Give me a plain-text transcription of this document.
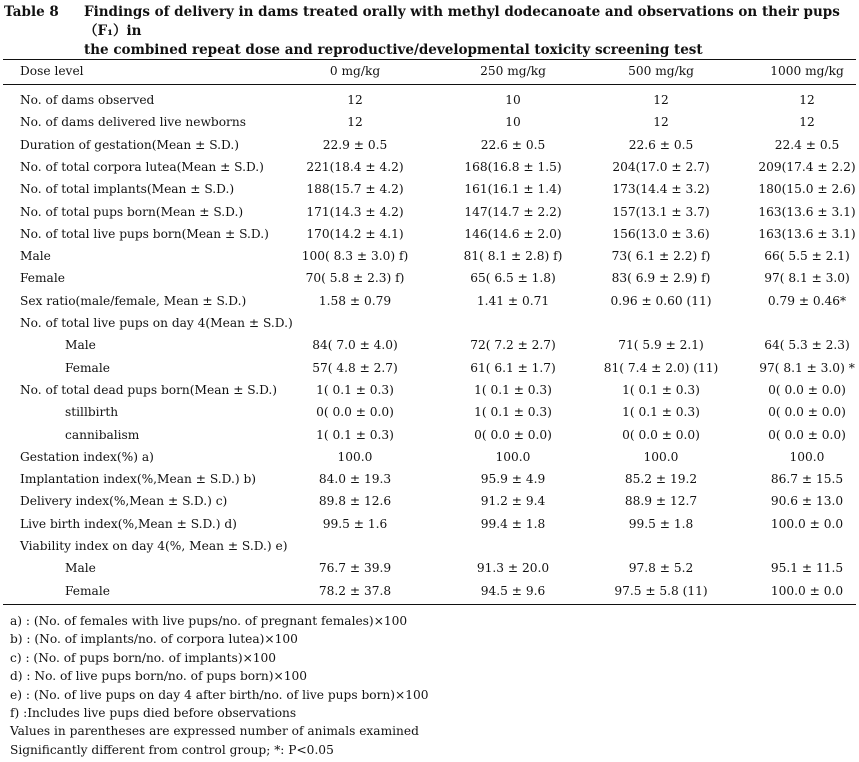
Table 8 Findings of delivery in dams treated orally with methyl dodecanoate and observations on their pups（F₁）in
the combined repeat dose and reproductive/developmental toxicity screening test
Dose level	0 mg/kg	250 mg/kg	500 mg/kg	1000 mg/kg
No. of dams observed	12	10	12	12
No. of dams delivered live newborns	12	10	12	12
Duration of gestation(Mean ± S.D.)	22.9 ± 0.5	22.6 ± 0.5	22.6 ± 0.5	22.4 ± 0.5
No. of total corpora lutea(Mean ± S.D.)	221(18.4 ± 4.2)	168(16.8 ± 1.5)	204(17.0 ± 2.7)	209(17.4 ± 2.2)
No. of total implants(Mean ± S.D.)	188(15.7 ± 4.2)	161(16.1 ± 1.4)	173(14.4 ± 3.2)	180(15.0 ± 2.6)
No. of total pups born(Mean ± S.D.)	171(14.3 ± 4.2)	147(14.7 ± 2.2)	157(13.1 ± 3.7)	163(13.6 ± 3.1)
No. of total live pups born(Mean ± S.D.)	170(14.2 ± 4.1)	146(14.6 ± 2.0)	156(13.0 ± 3.6)	163(13.6 ± 3.1)
Male	100( 8.3 ± 3.0) f)	81( 8.1 ± 2.8) f)	73( 6.1 ± 2.2) f)	66( 5.5 ± 2.1)
Female	70( 5.8 ± 2.3) f)	65( 6.5 ± 1.8)	83( 6.9 ± 2.9) f)	97( 8.1 ± 3.0)
Sex ratio(male/female, Mean ± S.D.)	1.58 ± 0.79	1.41 ± 0.71	0.96 ± 0.60 (11)	0.79 ± 0.46*
No. of total live pups on day 4(Mean ± S.D.)
Male	84( 7.0 ± 4.0)	72( 7.2 ± 2.7)	71( 5.9 ± 2.1)	64( 5.3 ± 2.3)
Female	57( 4.8 ± 2.7)	61( 6.1 ± 1.7)	81( 7.4 ± 2.0) (11)	97( 8.1 ± 3.0) *
No. of total dead pups born(Mean ± S.D.)	1( 0.1 ± 0.3)	1( 0.1 ± 0.3)	1( 0.1 ± 0.3)	0( 0.0 ± 0.0)
stillbirth	0( 0.0 ± 0.0)	1( 0.1 ± 0.3)	1( 0.1 ± 0.3)	0( 0.0 ± 0.0)
cannibalism	1( 0.1 ± 0.3)	0( 0.0 ± 0.0)	0( 0.0 ± 0.0)	0( 0.0 ± 0.0)
Gestation index(%) a)	100.0	100.0	100.0	100.0
Implantation index(%,Mean ± S.D.) b)	84.0 ± 19.3	95.9 ± 4.9	85.2 ± 19.2	86.7 ± 15.5
Delivery index(%,Mean ± S.D.) c)	89.8 ± 12.6	91.2 ± 9.4	88.9 ± 12.7	90.6 ± 13.0
Live birth index(%,Mean ± S.D.) d)	99.5 ± 1.6	99.4 ± 1.8	99.5 ± 1.8	100.0 ± 0.0
Viability index on day 4(%, Mean ± S.D.) e)
Male	76.7 ± 39.9	91.3 ± 20.0	97.8 ± 5.2	95.1 ± 11.5
Female	78.2 ± 37.8	94.5 ± 9.6	97.5 ± 5.8 (11)	100.0 ± 0.0
a) : (No. of females with live pups/no. of pregnant females)×100
b) : (No. of implants/no. of corpora lutea)×100
c) : (No. of pups born/no. of implants)×100
d) : No. of live pups born/no. of pups born)×100
e) : (No. of live pups on day 4 after birth/no. of live pups born)×100
f) :Includes live pups died before observations
Values in parentheses are expressed number of animals examined
Significantly different from control group; *: P<0.05
